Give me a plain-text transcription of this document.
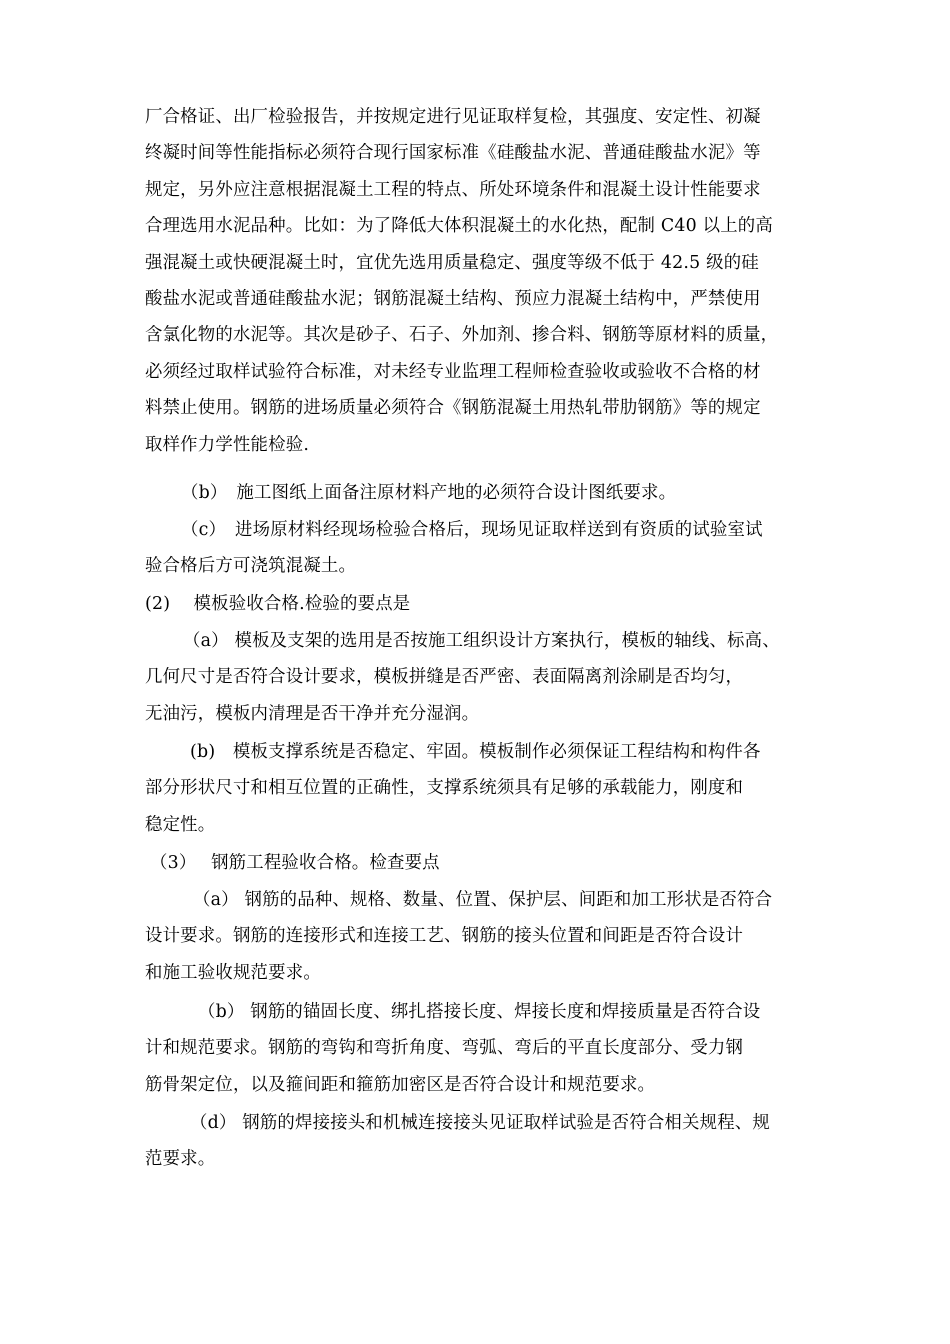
厂合格证、出厂检验报告，并按规定进行见证取样复检，其强度、安定性、初凝
终凝时间等性能指标必须符合现行国家标准《硅酸盐水泥、普通硅酸盐水泥》等
规定，另外应注意根据混凝土工程的特点、所处环境条件和混凝土设计性能要求
合理选用水泥品种。比如：为了降低大体积混凝土的水化热，配制 C40 以上的高
强混凝土或快硬混凝土时，宜优先选用质量稳定、强度等级不低于 42.5 级的硅
酸盐水泥或普通硅酸盐水泥；钢筋混凝土结构、预应力混凝土结构中，严禁使用
含氯化物的水泥等。其次是砂子、石子、外加剂、掺合料、钢筋等原材料的质量，
必须经过取样试验符合标准，对未经专业监理工程师检查验收或验收不合格的材
料禁止使用。钢筋的进场质量必须符合《钢筋混凝土用热轧带肋钢筋》等的规定
取样作力学性能检验.
（b）　施工图纸上面备注原材料产地的必须符合设计图纸要求。
（c）　进场原材料经现场检验合格后，现场见证取样送到有资质的试验室试
验合格后方可浇筑混凝土。
(2)　 模板验收合格.检验的要点是
（a） 模板及支架的选用是否按施工组织设计方案执行，模板的轴线、标高、
几何尺寸是否符合设计要求，模板拼缝是否严密、表面隔离剂涂刷是否均匀，
无油污，模板内清理是否干净并充分湿润。
(b)　模板支撑系统是否稳定、牢固。模板制作必须保证工程结构和构件各
部分形状尺寸和相互位置的正确性，支撑系统须具有足够的承载能力，刚度和
稳定性。
（3）　 钢筋工程验收合格。检查要点
（a） 钢筋的品种、规格、数量、位置、保护层、间距和加工形状是否符合
设计要求。钢筋的连接形式和连接工艺、钢筋的接头位置和间距是否符合设计
和施工验收规范要求。
（b） 钢筋的锚固长度、绑扎搭接长度、焊接长度和焊接质量是否符合设
计和规范要求。钢筋的弯钩和弯折角度、弯弧、弯后的平直长度部分、受力钢
筋骨架定位，以及箍间距和箍筋加密区是否符合设计和规范要求。
（d） 钢筋的焊接接头和机械连接接头见证取样试验是否符合相关规程、规
范要求。
